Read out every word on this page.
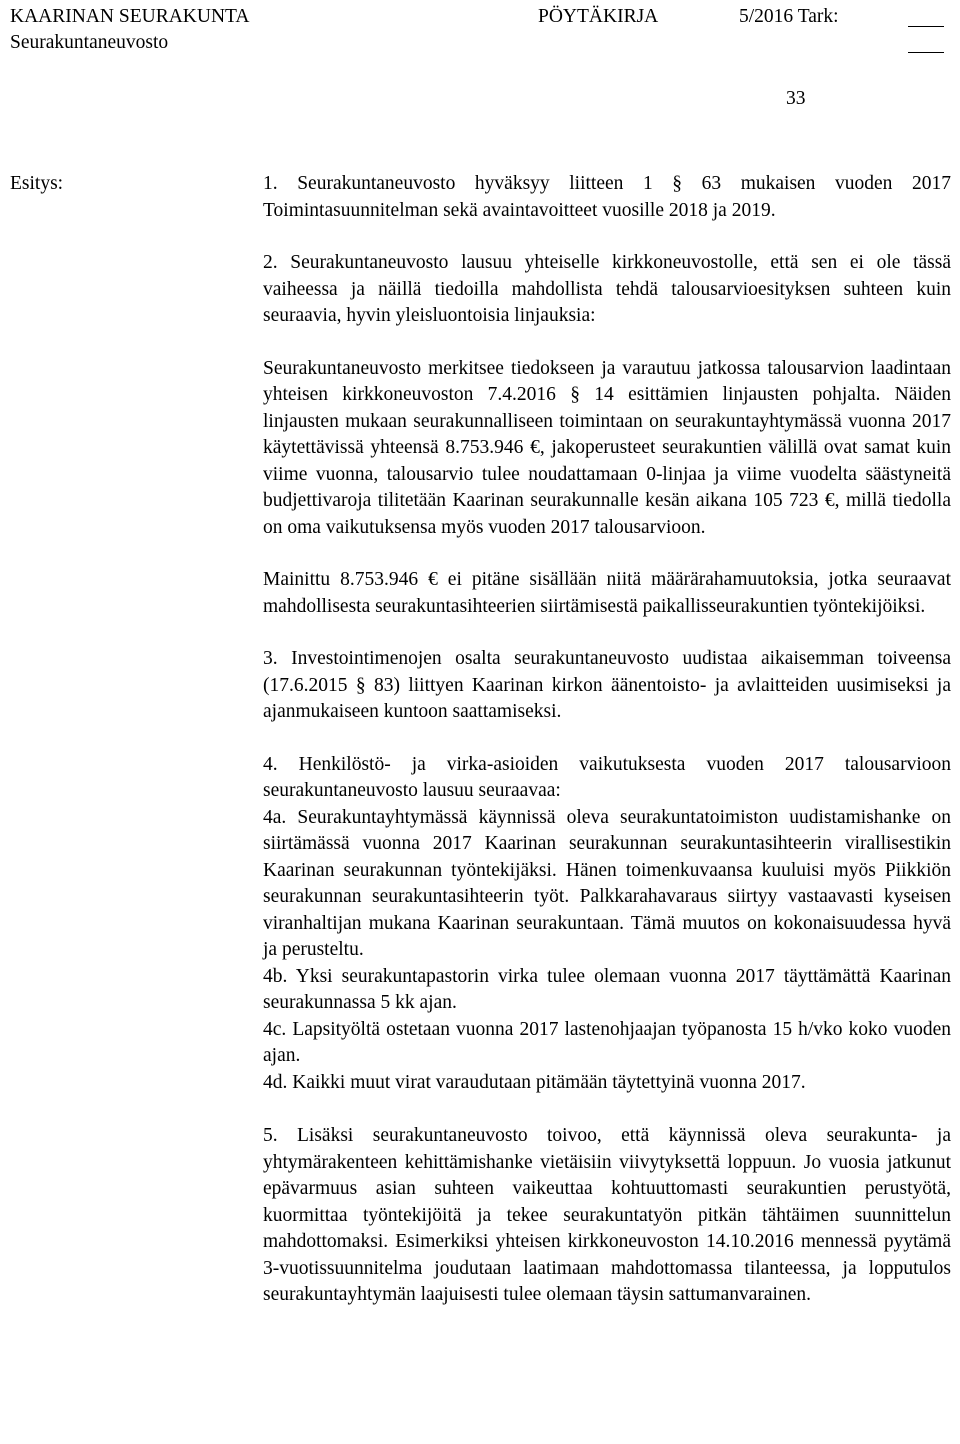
KAARINAN SEURAKUNTA
Seurakuntaneuvosto
PÖYTÄKIRJA	5/2016 Tark:
33
Esitys:	1. Seurakuntaneuvosto hyväksyy liitteen 1 § 63 mukaisen vuoden 2017 Toimintasuunnitelman sekä avaintavoitteet vuosille 2018 ja 2019.

2. Seurakuntaneuvosto lausuu yhteiselle kirkkoneuvostolle, että sen ei ole tässä vaiheessa ja näillä tiedoilla mahdollista tehdä talousarvioesityksen suhteen kuin seuraavia, hyvin yleisluontoisia linjauksia:

Seurakuntaneuvosto merkitsee tiedokseen ja varautuu jatkossa talousarvion laadintaan yhteisen kirkkoneuvoston 7.4.2016 § 14 esittämien linjausten pohjalta. Näiden linjausten mukaan seurakunnalliseen toimintaan on seurakuntayhtymässä vuonna 2017 käytettävissä yhteensä 8.753.946 €, jakoperusteet seurakuntien välillä ovat samat kuin viime vuonna, talousarvio tulee noudattamaan 0-linjaa ja viime vuodelta säästyneitä budjettivaroja tilitetään Kaarinan seurakunnalle kesän aikana 105 723 €, millä tiedolla on oma vaikutuksensa myös vuoden 2017 talousarvioon.

Mainittu 8.753.946 € ei pitäne sisällään niitä määrärahamuutoksia, jotka seuraavat mahdollisesta seurakuntasihteerien siirtämisestä paikallisseurakuntien työntekijöiksi.

3. Investointimenojen osalta seurakuntaneuvosto uudistaa aikaisemman toiveensa (17.6.2015 § 83) liittyen Kaarinan kirkon äänentoisto- ja avlaitteiden uusimiseksi ja ajanmukaiseen kuntoon saattamiseksi.

4. Henkilöstö- ja virka-asioiden vaikutuksesta vuoden 2017 talousarvioon seurakuntaneuvosto lausuu seuraavaa:

4a. Seurakuntayhtymässä käynnissä oleva seurakuntatoimiston uudistamishanke on siirtämässä vuonna 2017 Kaarinan seurakunnan seurakuntasihteerin virallisestikin Kaarinan seurakunnan työntekijäksi. Hänen toimenkuvaansa kuuluisi myös Piikkiön seurakunnan seurakuntasihteerin työt. Palkkarahavaraus siirtyy vastaavasti kyseisen viranhaltijan mukana Kaarinan seurakuntaan. Tämä muutos on kokonaisuudessa hyvä ja perusteltu.

4b. Yksi seurakuntapastorin virka tulee olemaan vuonna 2017 täyttämättä Kaarinan seurakunnassa 5 kk ajan.

4c. Lapsityöltä ostetaan vuonna 2017 lastenohjaajan työpanosta 15 h/vko koko vuoden ajan.

4d. Kaikki muut virat varaudutaan pitämään täytettyinä vuonna 2017.

5. Lisäksi seurakuntaneuvosto toivoo, että käynnissä oleva seurakunta- ja yhtymärakenteen kehittämishanke vietäisiin viivytyksettä loppuun. Jo vuosia jatkunut epävarmuus asian suhteen vaikeuttaa kohtuuttomasti seurakuntien perustyötä, kuormittaa työntekijöitä ja tekee seurakuntatyön pitkän tähtäimen suunnittelun mahdottomaksi. Esimerkiksi yhteisen kirkkoneuvoston 14.10.2016 mennessä pyytämä 3-vuotissuunnitelma joudutaan laatimaan mahdottomassa tilanteessa, ja lopputulos seurakuntayhtymän laajuisesti tulee olemaan täysin sattumanvarainen.
